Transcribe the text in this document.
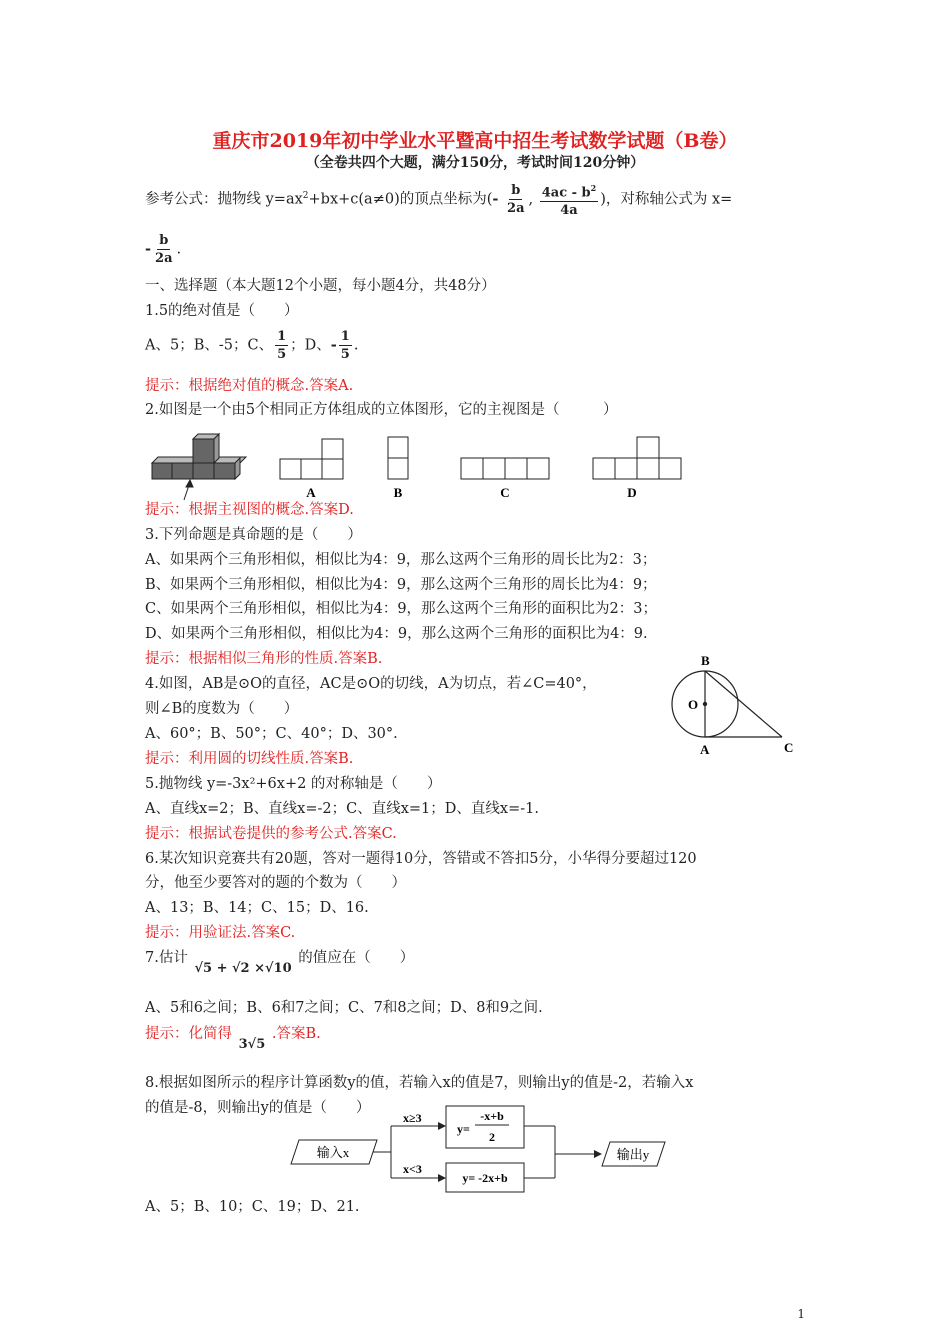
重庆市2019年初中学业水平暨高中招生考试数学试题（B卷）
（全卷共四个大题，满分150分，考试时间120分钟）
参考公式：抛物线 $y=ax^2+bx+c(a\ne 0)$的顶点坐标为(- $\frac{b}{2a}$ , $\frac{4ac - b^2}{4a}$ )，对称轴公式为 x=
- $\frac{b}{2a}$ .
一、选择题（本大题12个小题，每小题4分，共48分）
1.5的绝对值是（　　）
A、5；B、-5；C、 $\frac{1}{5}$ ；D、- $\frac{1}{5}$ .
提示：根据绝对值的概念.答案A.
2.如图是一个由5个相同正方体组成的立体图形，它的主视图是（　　　）
A	B	C	D
提示：根据主视图的概念.答案D.
3.下列命题是真命题的是（　　）
A、如果两个三角形相似，相似比为4：9，那么这两个三角形的周长比为2：3；
B、如果两个三角形相似，相似比为4：9，那么这两个三角形的周长比为4：9；
C、如果两个三角形相似，相似比为4：9，那么这两个三角形的面积比为2：3；
D、如果两个三角形相似，相似比为4：9，那么这两个三角形的面积比为4：9.
提示：根据相似三角形的性质.答案B.
4.如图，AB是⊙O的直径，AC是⊙O的切线，A为切点，若∠C=40°，
则∠B的度数为（　　）
A、60°；B、50°；C、40°；D、30°.
提示：利用圆的切线性质.答案B.
B
O
A	C
5.抛物线 y=-3x²+6x+2 的对称轴是（　　）
A、直线x=2；B、直线x=-2；C、直线x=1；D、直线x=-1.
提示：根据试卷提供的参考公式.答案C.
6.某次知识竞赛共有20题，答对一题得10分，答错或不答扣5分，小华得分要超过120
分，他至少要答对的题的个数为（　　）
A、13；B、14；C、15；D、16.
提示：用验证法.答案C.
7.估计 √5 + √2 ×√10 的值应在（　　）
A、5和6之间；B、6和7之间；C、7和8之间；D、8和9之间.
提示：化简得 3√5 .答案B.
8.根据如图所示的程序计算函数y的值，若输入x的值是7，则输出y的值是-2，若输入x
的值是-8，则输出y的值是（　　）
输入x
x≥3
x<3
y=
-x+b
2
y= -2x+b
输出y
A、5；B、10；C、19；D、21.
1
